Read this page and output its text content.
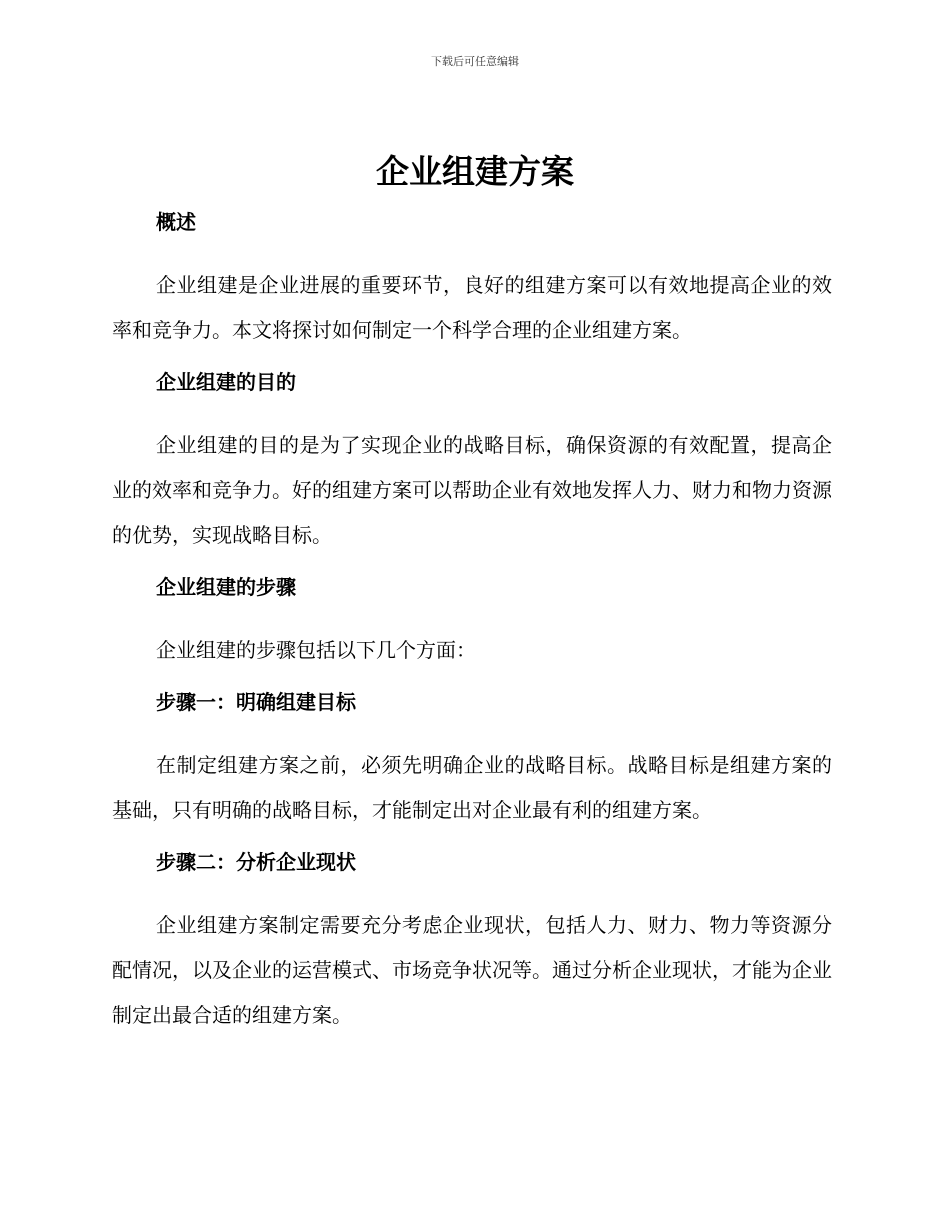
下载后可任意编辑
企业组建方案
概述
企业组建是企业进展的重要环节，良好的组建方案可以有效地提高企业的效率和竞争力。本文将探讨如何制定一个科学合理的企业组建方案。
企业组建的目的
企业组建的目的是为了实现企业的战略目标，确保资源的有效配置，提高企业的效率和竞争力。好的组建方案可以帮助企业有效地发挥人力、财力和物力资源的优势，实现战略目标。
企业组建的步骤
企业组建的步骤包括以下几个方面：
步骤一：明确组建目标
在制定组建方案之前，必须先明确企业的战略目标。战略目标是组建方案的基础，只有明确的战略目标，才能制定出对企业最有利的组建方案。
步骤二：分析企业现状
企业组建方案制定需要充分考虑企业现状，包括人力、财力、物力等资源分配情况，以及企业的运营模式、市场竞争状况等。通过分析企业现状，才能为企业制定出最合适的组建方案。
